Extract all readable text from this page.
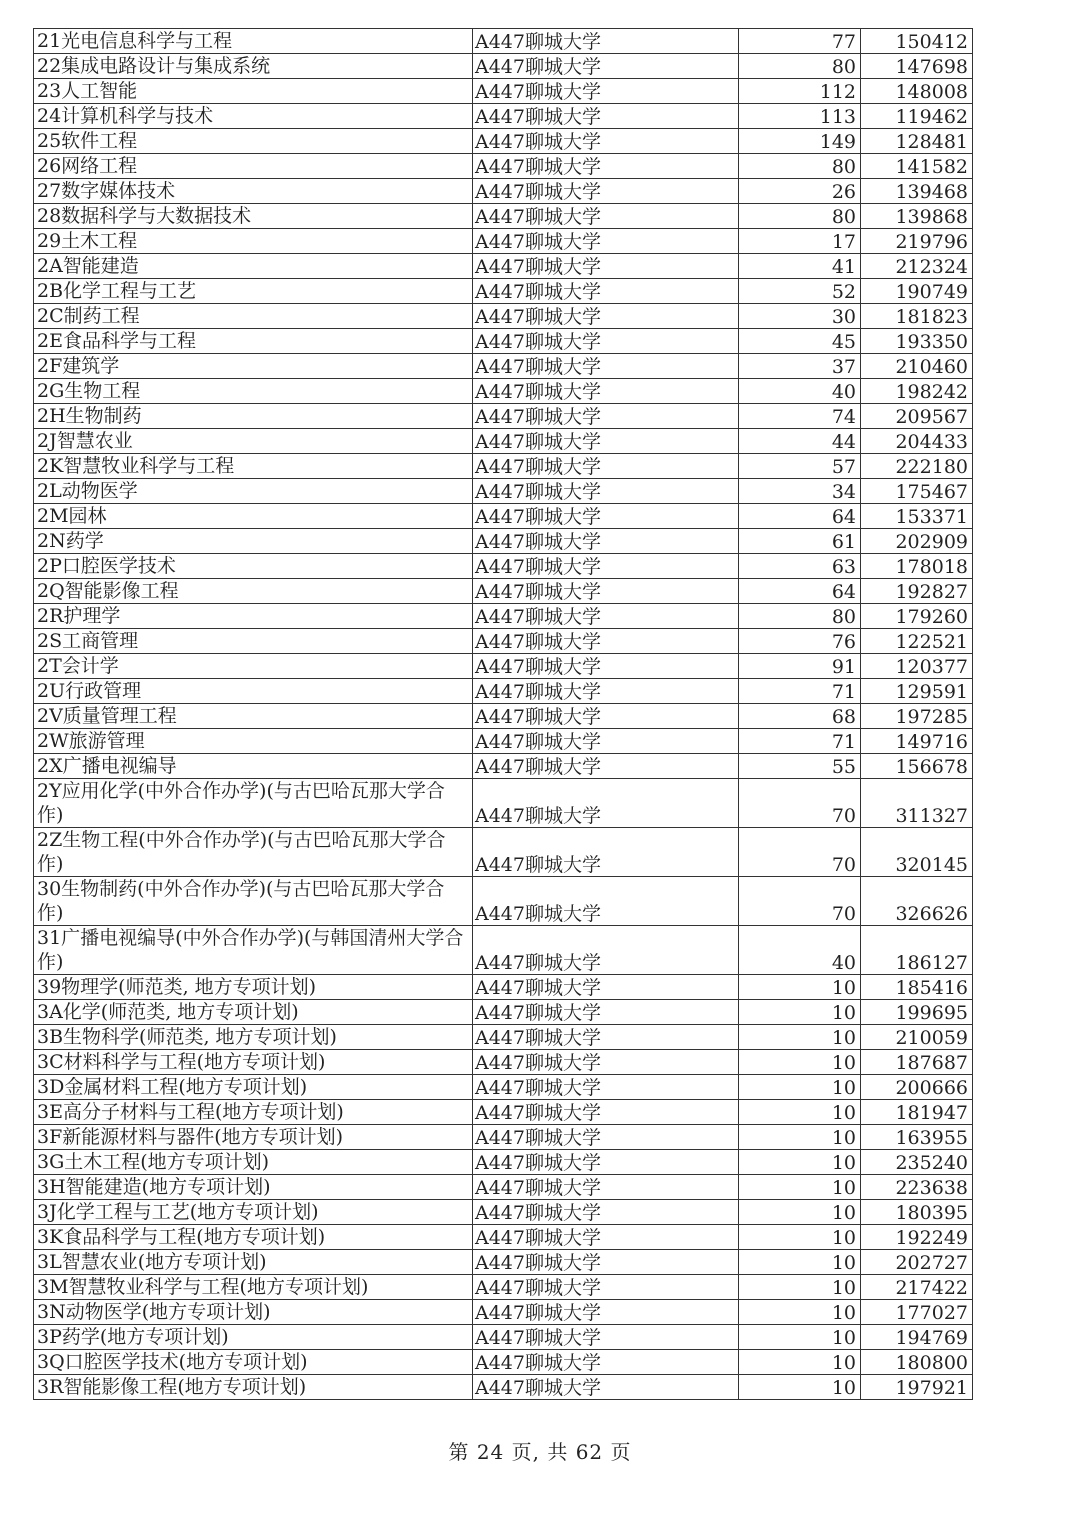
21光电信息科学与工程	A447聊城大学	77	150412
22集成电路设计与集成系统	A447聊城大学	80	147698
23人工智能	A447聊城大学	112	148008
24计算机科学与技术	A447聊城大学	113	119462
25软件工程	A447聊城大学	149	128481
26网络工程	A447聊城大学	80	141582
27数字媒体技术	A447聊城大学	26	139468
28数据科学与大数据技术	A447聊城大学	80	139868
29土木工程	A447聊城大学	17	219796
2A智能建造	A447聊城大学	41	212324
2B化学工程与工艺	A447聊城大学	52	190749
2C制药工程	A447聊城大学	30	181823
2E食品科学与工程	A447聊城大学	45	193350
2F建筑学	A447聊城大学	37	210460
2G生物工程	A447聊城大学	40	198242
2H生物制药	A447聊城大学	74	209567
2J智慧农业	A447聊城大学	44	204433
2K智慧牧业科学与工程	A447聊城大学	57	222180
2L动物医学	A447聊城大学	34	175467
2M园林	A447聊城大学	64	153371
2N药学	A447聊城大学	61	202909
2P口腔医学技术	A447聊城大学	63	178018
2Q智能影像工程	A447聊城大学	64	192827
2R护理学	A447聊城大学	80	179260
2S工商管理	A447聊城大学	76	122521
2T会计学	A447聊城大学	91	120377
2U行政管理	A447聊城大学	71	129591
2V质量管理工程	A447聊城大学	68	197285
2W旅游管理	A447聊城大学	71	149716
2X广播电视编导	A447聊城大学	55	156678
2Y应用化学(中外合作办学)(与古巴哈瓦那大学合作)	A447聊城大学	70	311327
2Z生物工程(中外合作办学)(与古巴哈瓦那大学合作)	A447聊城大学	70	320145
30生物制药(中外合作办学)(与古巴哈瓦那大学合作)	A447聊城大学	70	326626
31广播电视编导(中外合作办学)(与韩国清州大学合作)	A447聊城大学	40	186127
39物理学(师范类, 地方专项计划)	A447聊城大学	10	185416
3A化学(师范类, 地方专项计划)	A447聊城大学	10	199695
3B生物科学(师范类, 地方专项计划)	A447聊城大学	10	210059
3C材料科学与工程(地方专项计划)	A447聊城大学	10	187687
3D金属材料工程(地方专项计划)	A447聊城大学	10	200666
3E高分子材料与工程(地方专项计划)	A447聊城大学	10	181947
3F新能源材料与器件(地方专项计划)	A447聊城大学	10	163955
3G土木工程(地方专项计划)	A447聊城大学	10	235240
3H智能建造(地方专项计划)	A447聊城大学	10	223638
3J化学工程与工艺(地方专项计划)	A447聊城大学	10	180395
3K食品科学与工程(地方专项计划)	A447聊城大学	10	192249
3L智慧农业(地方专项计划)	A447聊城大学	10	202727
3M智慧牧业科学与工程(地方专项计划)	A447聊城大学	10	217422
3N动物医学(地方专项计划)	A447聊城大学	10	177027
3P药学(地方专项计划)	A447聊城大学	10	194769
3Q口腔医学技术(地方专项计划)	A447聊城大学	10	180800
3R智能影像工程(地方专项计划)	A447聊城大学	10	197921
第 24 页, 共 62 页
